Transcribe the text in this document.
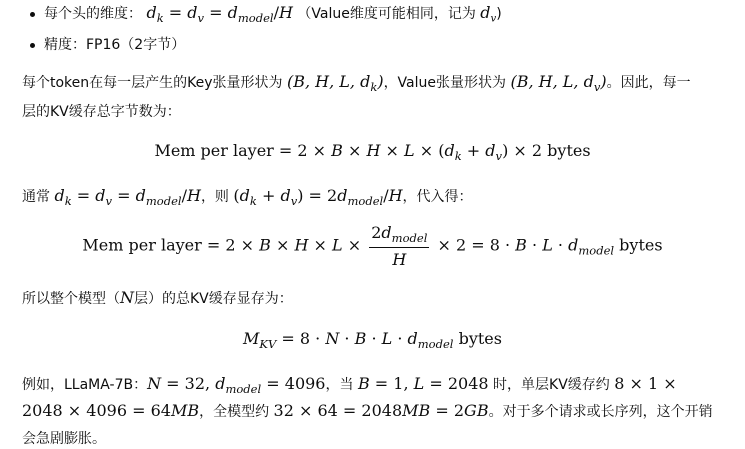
每个头的维度： $d_k = d_v = d_{model}/H$ （Value维度可能相同，记为 $d_v$)
精度：FP16（2字节）
每个token在每一层产生的Key张量形状为 (B, H, L, $d_k$)，Value张量形状为 (B, H, L, $d_v$)。因此，每一
层的KV缓存总字节数为：
Mem per layer = $2 \times B \times H \times L \times (d_k + d_v) \times 2$ bytes
通常 $d_k = d_v = d_{model}/H$，则 $(d_k + d_v) = 2d_{model}/H$，代入得：
Mem per layer = $2 \times B \times H \times L \times \frac{2d_{model}}{H} \times 2 = 8 \cdot B \cdot L \cdot d_{model}$ bytes
所以整个模型（N层）的总KV缓存显存为：
$M_{KV} = 8 \cdot N \cdot B \cdot L \cdot d_{model}$ bytes
例如，LLaMA-7B：N = 32, $d_{model} = 4096$，当 B = 1, L = 2048 时，单层KV缓存约 8 × 1 ×
2048 × 4096 = 64MB，全模型约 32 × 64 = 2048MB = 2GB。对于多个请求或长序列，这个开销
会急剧膨胀。
